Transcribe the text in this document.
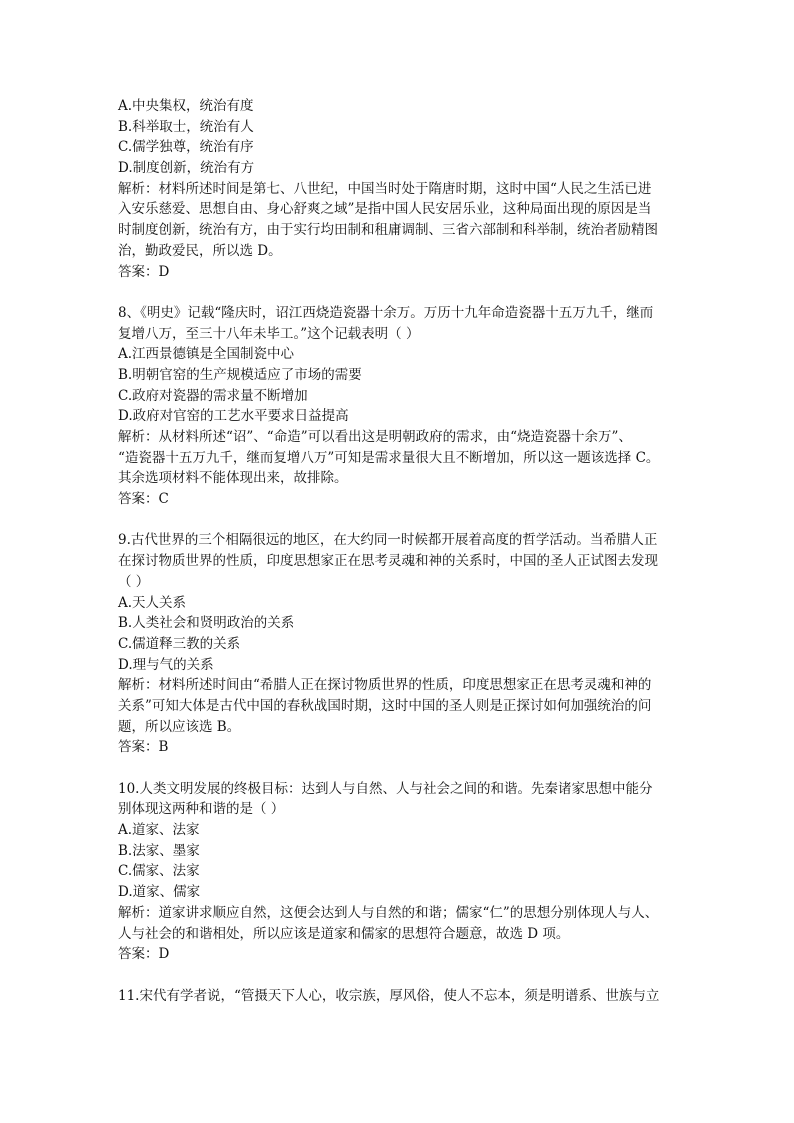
A.中央集权，统治有度
B.科举取士，统治有人
C.儒学独尊，统治有序
D.制度创新，统治有方
解析：材料所述时间是第七、八世纪，中国当时处于隋唐时期，这时中国“人民之生活已进
入安乐慈爱、思想自由、身心舒爽之域”是指中国人民安居乐业，这种局面出现的原因是当
时制度创新，统治有方，由于实行均田制和租庸调制、三省六部制和科举制，统治者励精图
治，勤政爱民，所以选 D。
答案：D
8、《明史》记载“隆庆时，诏江西烧造瓷器十余万。万历十九年命造瓷器十五万九千，继而
复增八万，至三十八年未毕工。”这个记载表明（ ）
A.江西景德镇是全国制瓷中心
B.明朝官窑的生产规模适应了市场的需要
C.政府对瓷器的需求量不断增加
D.政府对官窑的工艺水平要求日益提高
解析：从材料所述“诏”、“命造”可以看出这是明朝政府的需求，由“烧造瓷器十余万”、
“造瓷器十五万九千，继而复增八万”可知是需求量很大且不断增加，所以这一题该选择 C。
其余选项材料不能体现出来，故排除。
答案：C
9.古代世界的三个相隔很远的地区，在大约同一时候都开展着高度的哲学活动。当希腊人正
在探讨物质世界的性质，印度思想家正在思考灵魂和神的关系时，中国的圣人正试图去发现
（ ）
A.天人关系
B.人类社会和贤明政治的关系
C.儒道释三教的关系
D.理与气的关系
解析：材料所述时间由“希腊人正在探讨物质世界的性质，印度思想家正在思考灵魂和神的
关系”可知大体是古代中国的春秋战国时期，这时中国的圣人则是正探讨如何加强统治的问
题，所以应该选 B。
答案：B
10.人类文明发展的终极目标：达到人与自然、人与社会之间的和谐。先秦诸家思想中能分
别体现这两种和谐的是（ ）
A.道家、法家
B.法家、墨家
C.儒家、法家
D.道家、儒家
解析：道家讲求顺应自然，这便会达到人与自然的和谐；儒家“仁”的思想分别体现人与人、
人与社会的和谐相处，所以应该是道家和儒家的思想符合题意，故选 D 项。
答案：D
11.宋代有学者说，“管摄天下人心，收宗族，厚风俗，使人不忘本，须是明谱系、世族与立
